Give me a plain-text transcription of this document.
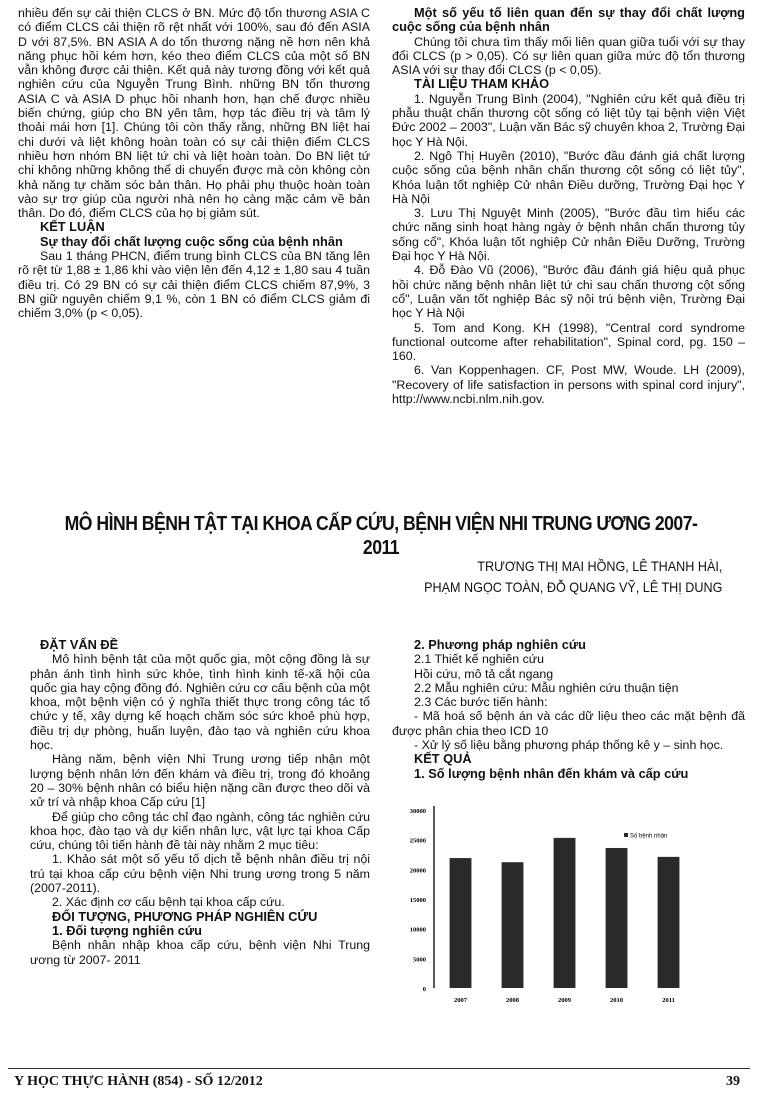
nhiều đến sự cải thiện CLCS ở BN. Mức độ tổn thương ASIA C có điểm CLCS cải thiện rõ rệt nhất với 100%, sau đó đến ASIA D với 87,5%. BN ASIA A do tổn thương nặng nề hơn nên khả năng phục hồi kém hơn, kéo theo điểm CLCS của một số BN vẫn không được cải thiện. Kết quả này tương đồng với kết quả nghiên cứu của Nguyễn Trung Bình. những BN tổn thương ASIA C và ASIA D phục hồi nhanh hơn, hạn chế được nhiều biến chứng, giúp cho BN yên tâm, hợp tác điều trị và tâm lý thoải mái hơn [1]. Chúng tôi còn thấy rằng, những BN liệt hai chi dưới và liệt không hoàn toàn có sự cải thiện điểm CLCS nhiều hơn nhóm BN liệt tứ chi và liệt hoàn toàn. Do BN liệt tứ chi không những không thể di chuyển được mà còn không còn khả năng tự chăm sóc bản thân. Họ phải phụ thuộc hoàn toàn vào sự trợ giúp của người nhà nên họ càng mặc cảm về bản thân. Do đó, điểm CLCS của họ bị giảm sút.

KẾT LUẬN

Sự thay đổi chất lượng cuộc sống của bệnh nhân

Sau 1 tháng PHCN, điểm trung bình CLCS của BN tăng lên rõ rệt từ 1,88 ± 1,86 khi vào viện lên đến 4,12 ± 1,80 sau 4 tuần điều trị. Có 29 BN có sự cải thiện điểm CLCS chiếm 87,9%, 3 BN giữ nguyên chiếm 9,1 %, còn 1 BN có điểm CLCS giảm đi chiếm 3,0% (p < 0,05).

Một số yếu tố liên quan đến sự thay đổi chất lượng cuộc sống của bệnh nhân

Chúng tôi chưa tìm thấy mối liên quan giữa tuổi với sự thay đổi CLCS (p > 0,05). Có sự liên quan giữa mức độ tổn thương ASIA với sự thay đổi CLCS (p < 0,05).

TÀI LIỆU THAM KHẢO

1. Nguyễn Trung Bình (2004), "Nghiên cứu kết quả điều trị phẫu thuật chấn thương cột sống có liệt tủy tại bệnh viện Việt Đức 2002 – 2003", Luận văn Bác sỹ chuyên khoa 2, Trường Đại học Y Hà Nội.

2. Ngô Thị Huyền (2010), "Bước đầu đánh giá chất lượng cuộc sống của bệnh nhân chấn thương cột sống có liệt tủy", Khóa luận tốt nghiệp Cử nhân Điều dưỡng, Trường Đại học Y Hà Nội

3. Lưu Thị Nguyệt Minh (2005), "Bước đầu tìm hiểu các chức năng sinh hoạt hàng ngày ở bệnh nhân chấn thương tủy sống cổ", Khóa luận tốt nghiệp Cử nhân Điều Dưỡng, Trường Đại học Y Hà Nội.

4. Đỗ Đào Vũ (2006), "Bước đầu đánh giá hiệu quả phục hồi chức năng bệnh nhân liệt tứ chi sau chấn thương cột sống cổ", Luận văn tốt nghiệp Bác sỹ nội trú bệnh viện, Trường Đại học Y Hà Nội

5. Tom and Kong. KH (1998), "Central cord syndrome functional outcome after rehabilitation", Spinal cord, pg. 150 – 160.

6. Van Koppenhagen. CF, Post MW, Woude. LH (2009), "Recovery of life satisfaction in persons with spinal cord injury", http://www.ncbi.nlm.nih.gov.

MÔ HÌNH BỆNH TẬT TẠI KHOA CẤP CỨU, BỆNH VIỆN NHI TRUNG ƯƠNG 2007-2011
TRƯƠNG THỊ MAI HỒNG, LÊ THANH HÀI,
PHẠM NGỌC TOÀN, ĐỖ QUANG VỸ, LÊ THỊ DUNG

ĐẶT VẤN ĐỀ

Mô hình bệnh tật của một quốc gia, một cộng đồng là sự phản ánh tình hình sức khỏe, tình hình kinh tế-xã hội của quốc gia hay cộng đồng đó. Nghiên cứu cơ cấu bệnh của một khoa, một bệnh viện có ý nghĩa thiết thực trong công tác tổ chức y tế, xây dựng kế hoạch chăm sóc sức khoẻ phù hợp, điều trị dự phòng, huấn luyện, đào tạo và nghiên cứu khoa học.

Hàng năm, bệnh viện Nhi Trung ương tiếp nhận một lượng bệnh nhân lớn đến khám và điều trị, trong đó khoảng 20 – 30% bệnh nhân có biểu hiện nặng cần được theo dõi và xử trí và nhập khoa Cấp cứu [1]

Để giúp cho công tác chỉ đạo ngành, công tác nghiên cứu khoa học, đào tạo và dự kiến nhân lực, vật lực tại khoa Cấp cứu, chúng tôi tiến hành đề tài này nhằm 2 mục tiêu:

1. Khảo sát một số yếu tố dịch tễ bệnh nhân điều trị nội trú tại khoa cấp cứu bệnh viện Nhi trung ương trong 5 năm (2007-2011).

2. Xác định cơ cấu bệnh tại khoa cấp cứu.

ĐỐI TƯỢNG, PHƯƠNG PHÁP NGHIÊN CỨU

1. Đối tượng nghiên cứu

Bệnh nhân nhập khoa cấp cứu, bệnh viện Nhi Trung ương từ 2007- 2011

2. Phương pháp nghiên cứu

2.1 Thiết kế nghiên cứu

Hồi cứu, mô tả cắt ngang

2.2 Mẫu nghiên cứu: Mẫu nghiên cứu thuận tiện

2.3 Các bước tiến hành:

- Mã hoá số bệnh án và các dữ liệu theo các mặt bệnh đã được phân chia theo ICD 10

- Xử lý số liệu bằng phương pháp thống kê y – sinh học.

KẾT QUẢ

1. Số lượng bệnh nhân đến khám và cấp cứu

0
5000
10000
15000
20000
25000
30000
2007	2008	2009	2010	2011
Số bệnh nhân
Y HỌC THỰC HÀNH (854) - SỐ 12/2012	39
